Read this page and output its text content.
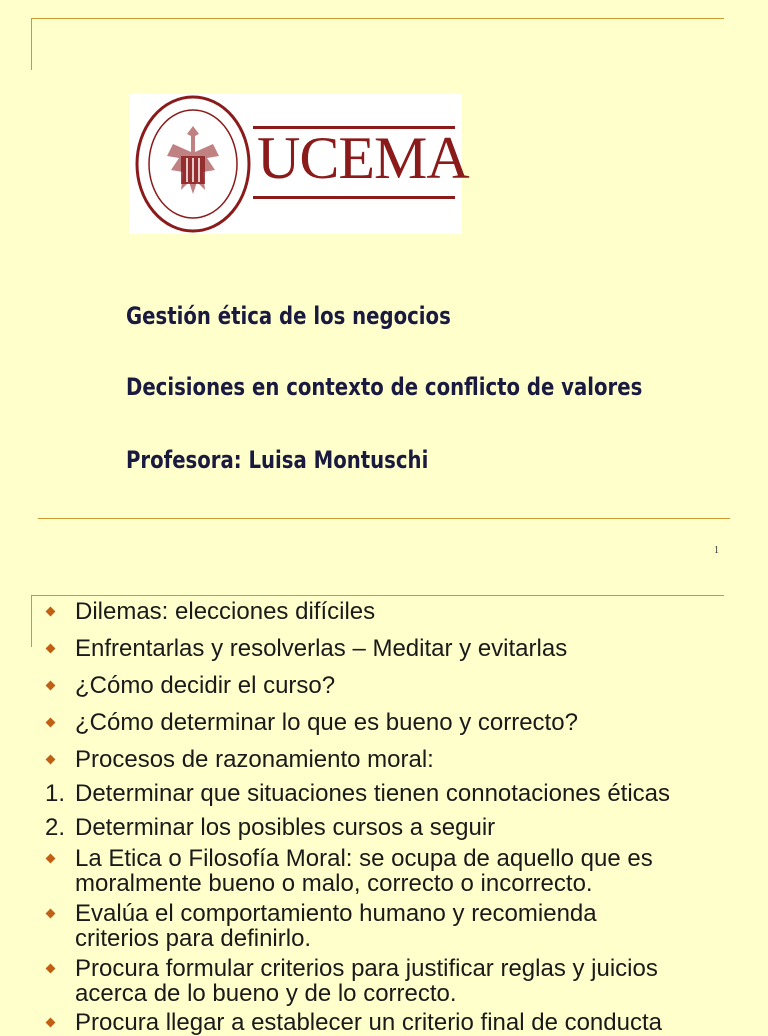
UCEMA
Gestión ética de los negocios
Decisiones en contexto de conflicto de valores
Profesora: Luisa Montuschi
1
Dilemas: elecciones difíciles
Enfrentarlas y resolverlas – Meditar y evitarlas
¿Cómo decidir el curso?
¿Cómo determinar lo que es bueno y correcto?
Procesos de razonamiento moral:
1. Determinar que situaciones tienen connotaciones éticas
2. Determinar los posibles cursos a seguir
La Etica o Filosofía Moral: se ocupa de aquello que es moralmente bueno o malo, correcto o incorrecto.
Evalúa el comportamiento humano y recomienda criterios para definirlo.
Procura formular criterios para justificar reglas y juicios acerca de lo bueno y de lo correcto.
Procura llegar a establecer un criterio final de conducta
